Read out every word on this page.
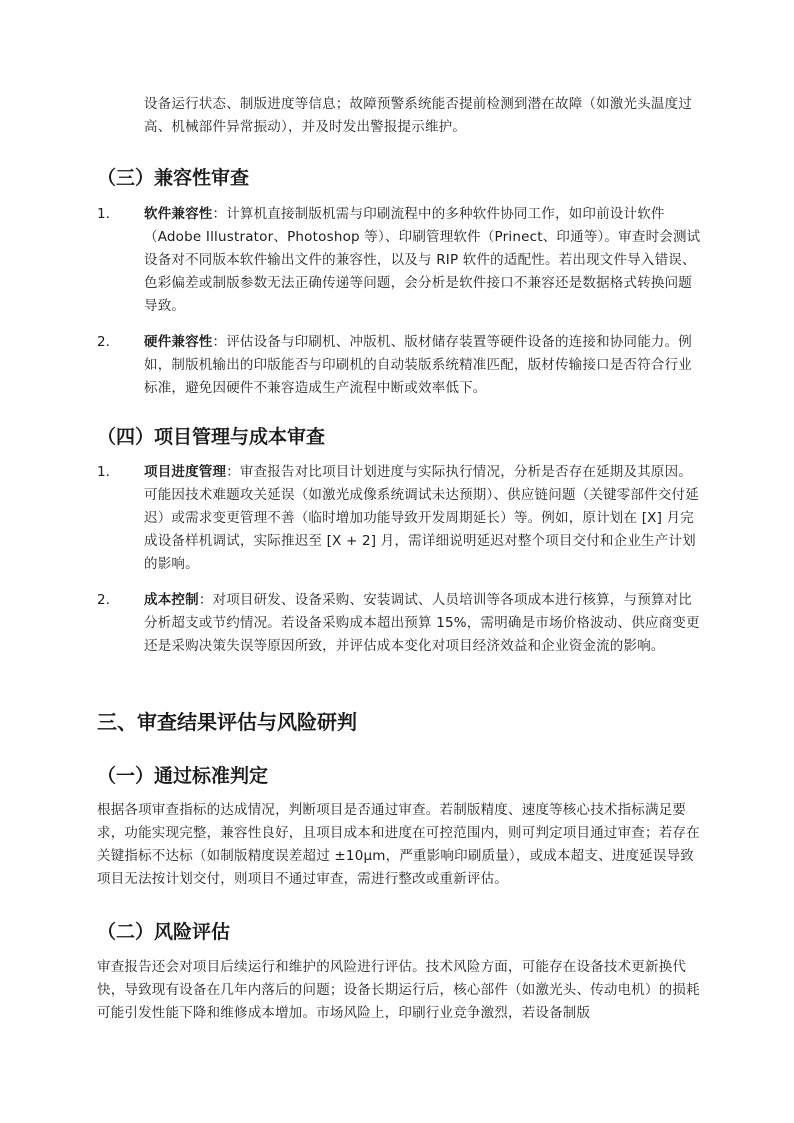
设备运行状态、制版进度等信息；故障预警系统能否提前检测到潜在故障（如激光头温度过高、机械部件异常振动），并及时发出警报提示维护。

（三）兼容性审查
1.	软件兼容性：计算机直接制版机需与印刷流程中的多种软件协同工作，如印前设计软件（Adobe Illustrator、Photoshop 等）、印刷管理软件（Prinect、印通等）。审查时会测试设备对不同版本软件输出文件的兼容性，以及与 RIP 软件的适配性。若出现文件导入错误、色彩偏差或制版参数无法正确传递等问题，会分析是软件接口不兼容还是数据格式转换问题导致。

2.	硬件兼容性：评估设备与印刷机、冲版机、版材储存装置等硬件设备的连接和协同能力。例如，制版机输出的印版能否与印刷机的自动装版系统精准匹配，版材传输接口是否符合行业标准，避免因硬件不兼容造成生产流程中断或效率低下。

（四）项目管理与成本审查
1.	项目进度管理：审查报告对比项目计划进度与实际执行情况，分析是否存在延期及其原因。可能因技术难题攻关延误（如激光成像系统调试未达预期）、供应链问题（关键零部件交付延迟）或需求变更管理不善（临时增加功能导致开发周期延长）等。例如，原计划在 [X] 月完成设备样机调试，实际推迟至 [X + 2] 月，需详细说明延迟对整个项目交付和企业生产计划的影响。

2.	成本控制：对项目研发、设备采购、安装调试、人员培训等各项成本进行核算，与预算对比分析超支或节约情况。若设备采购成本超出预算 15%，需明确是市场价格波动、供应商变更还是采购决策失误等原因所致，并评估成本变化对项目经济效益和企业资金流的影响。

三、审查结果评估与风险研判
（一）通过标准判定

根据各项审查指标的达成情况，判断项目是否通过审查。若制版精度、速度等核心技术指标满足要求，功能实现完整，兼容性良好，且项目成本和进度在可控范围内，则可判定项目通过审查；若存在关键指标不达标（如制版精度误差超过 ±10μm，严重影响印刷质量），或成本超支、进度延误导致项目无法按计划交付，则项目不通过审查，需进行整改或重新评估。

（二）风险评估

审查报告还会对项目后续运行和维护的风险进行评估。技术风险方面，可能存在设备技术更新换代快，导致现有设备在几年内落后的问题；设备长期运行后，核心部件（如激光头、传动电机）的损耗可能引发性能下降和维修成本增加。市场风险上，印刷行业竞争激烈，若设备制版
